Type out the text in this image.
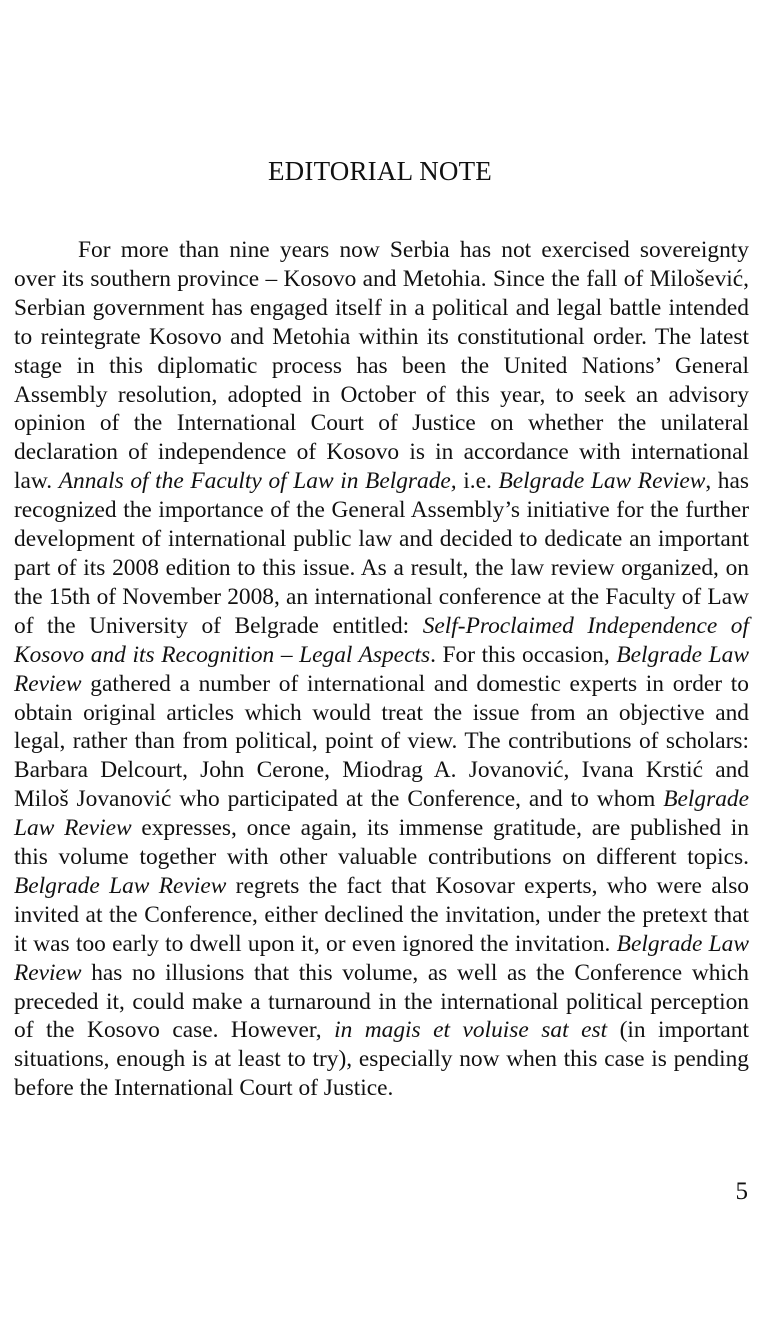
EDITORIAL NOTE

For more than nine years now Serbia has not exercised sovereignty over its southern province – Kosovo and Metohia. Since the fall of Milošević, Serbian government has engaged itself in a political and legal battle intended to reintegrate Kosovo and Metohia within its constitutional order. The latest stage in this diplomatic process has been the United Nations’ General Assembly resolution, adopted in October of this year, to seek an advisory opinion of the International Court of Justice on whether the unilateral declaration of independence of Kosovo is in accordance with international law. Annals of the Faculty of Law in Belgrade, i.e. Belgrade Law Review, has recognized the importance of the General Assembly’s initiative for the further development of international public law and decided to dedicate an important part of its 2008 edition to this issue. As a result, the law review organized, on the 15th of November 2008, an international conference at the Faculty of Law of the University of Belgrade entitled: Self-Proclaimed Independence of Kosovo and its Recognition – Legal Aspects. For this occasion, Belgrade Law Review gathered a number of international and domestic experts in order to obtain original articles which would treat the issue from an objective and legal, rather than from political, point of view. The contributions of scholars: Barbara Delcourt, John Cerone, Miodrag A. Jovanović, Ivana Krstić and Miloš Jovanović who participated at the Conference, and to whom Belgrade Law Review expresses, once again, its immense gratitude, are published in this volume together with other valuable contributions on different topics. Belgrade Law Review regrets the fact that Kosovar experts, who were also invited at the Conference, either declined the invitation, under the pretext that it was too early to dwell upon it, or even ignored the invitation. Belgrade Law Review has no illusions that this volume, as well as the Conference which preceded it, could make a turnaround in the international political perception of the Kosovo case. However, in magis et voluise sat est (in important situations, enough is at least to try), especially now when this case is pending before the International Court of Justice.

5
